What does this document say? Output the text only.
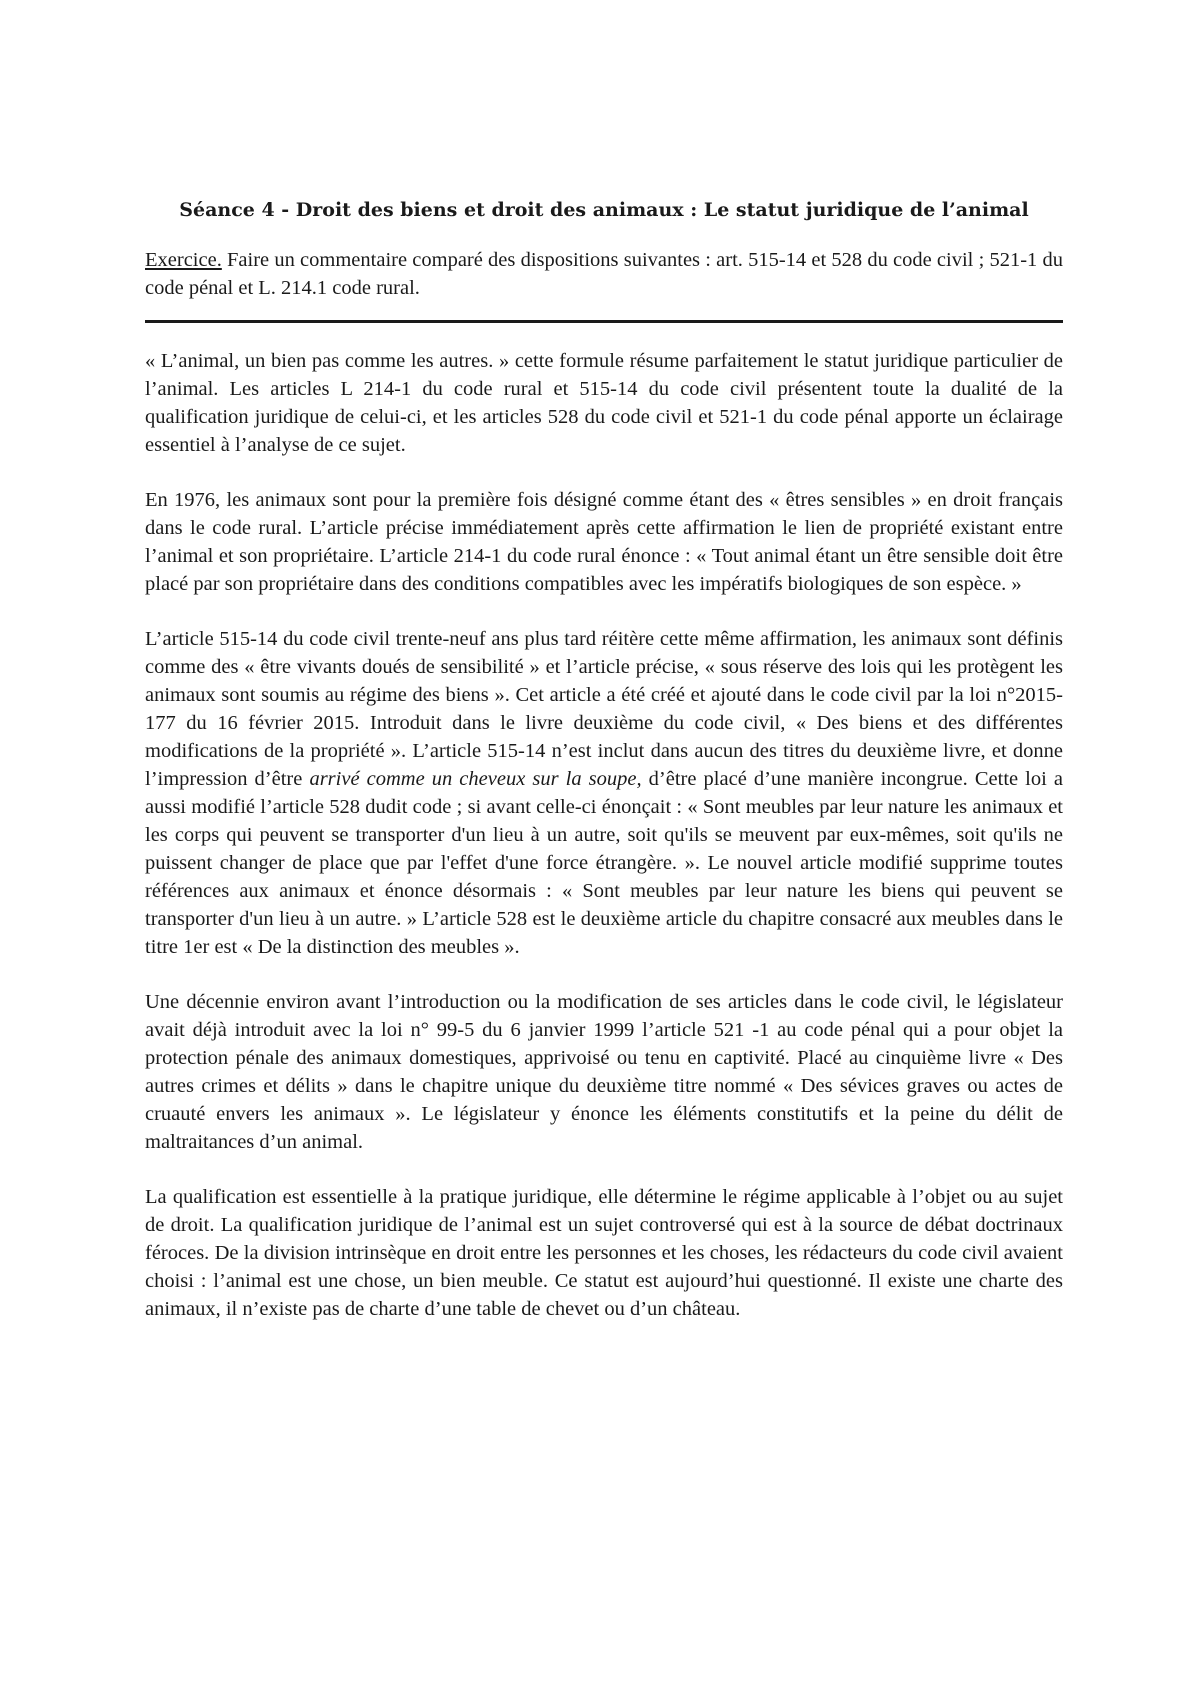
Séance 4 - Droit des biens et droit des animaux : Le statut juridique de l’animal

Exercice. Faire un commentaire comparé des dispositions suivantes : art. 515-14 et 528 du code civil ; 521-1 du code pénal et L. 214.1 code rural.

« L’animal, un bien pas comme les autres. » cette formule résume parfaitement le statut juridique particulier de l’animal. Les articles L 214-1 du code rural et 515-14 du code civil présentent toute la dualité de la qualification juridique de celui-ci, et les articles 528 du code civil et 521-1 du code pénal apporte un éclairage essentiel à l’analyse de ce sujet.

En 1976, les animaux sont pour la première fois désigné comme étant des « êtres sensibles » en droit français dans le code rural. L’article précise immédiatement après cette affirmation le lien de propriété existant entre l’animal et son propriétaire. L’article 214-1 du code rural énonce : « Tout animal étant un être sensible doit être placé par son propriétaire dans des conditions compatibles avec les impératifs biologiques de son espèce. »

L’article 515-14 du code civil trente-neuf ans plus tard réitère cette même affirmation, les animaux sont définis comme des « être vivants doués de sensibilité » et l’article précise, « sous réserve des lois qui les protègent les animaux sont soumis au régime des biens ». Cet article a été créé et ajouté dans le code civil par la loi n°2015-177 du 16 février 2015. Introduit dans le livre deuxième du code civil, « Des biens et des différentes modifications de la propriété ». L’article 515-14 n’est inclut dans aucun des titres du deuxième livre, et donne l’impression d’être arrivé comme un cheveux sur la soupe, d’être placé d’une manière incongrue. Cette loi a aussi modifié l’article 528 dudit code ; si avant celle-ci énonçait : « Sont meubles par leur nature les animaux et les corps qui peuvent se transporter d'un lieu à un autre, soit qu'ils se meuvent par eux-mêmes, soit qu'ils ne puissent changer de place que par l'effet d'une force étrangère. ». Le nouvel article modifié supprime toutes références aux animaux et énonce désormais : « Sont meubles par leur nature les biens qui peuvent se transporter d'un lieu à un autre. » L’article 528 est le deuxième article du chapitre consacré aux meubles dans le titre 1er est « De la distinction des meubles ».

Une décennie environ avant l’introduction ou la modification de ses articles dans le code civil, le législateur avait déjà introduit avec la loi n° 99-5 du 6 janvier 1999 l’article 521 -1 au code pénal qui a pour objet la protection pénale des animaux domestiques, apprivoisé ou tenu en captivité. Placé au cinquième livre « Des autres crimes et délits » dans le chapitre unique du deuxième titre nommé « Des sévices graves ou actes de cruauté envers les animaux ». Le législateur y énonce les éléments constitutifs et la peine du délit de maltraitances d’un animal.

La qualification est essentielle à la pratique juridique, elle détermine le régime applicable à l’objet ou au sujet de droit. La qualification juridique de l’animal est un sujet controversé qui est à la source de débat doctrinaux féroces. De la division intrinsèque en droit entre les personnes et les choses, les rédacteurs du code civil avaient choisi : l’animal est une chose, un bien meuble. Ce statut est aujourd’hui questionné. Il existe une charte des animaux, il n’existe pas de charte d’une table de chevet ou d’un château.
